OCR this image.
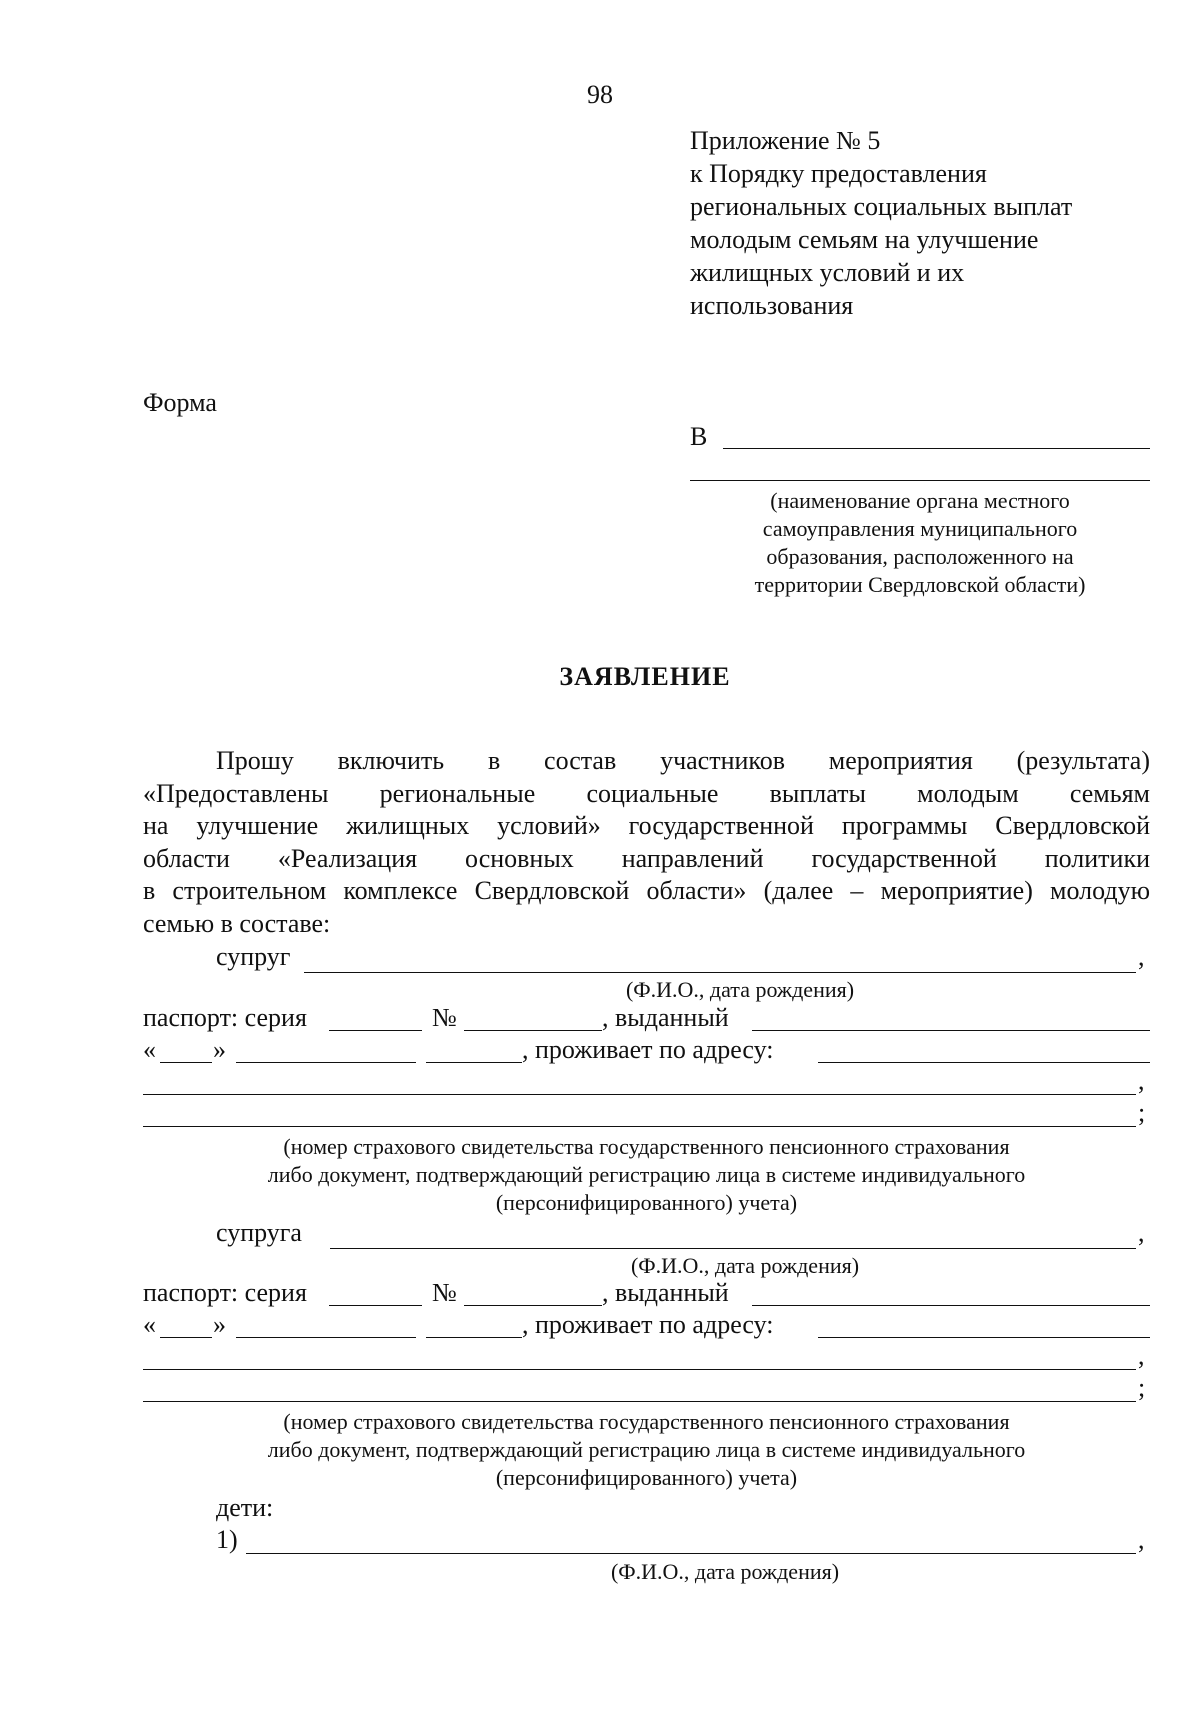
98
Приложение № 5
к Порядку предоставления
региональных социальных выплат
молодым семьям на улучшение
жилищных условий и их
использования
Форма
В
(наименование органа местного
самоуправления муниципального
образования, расположенного на
территории Свердловской области)
ЗАЯВЛЕНИЕ
Прошу включить в состав участников мероприятия (результата)
«Предоставлены региональные социальные выплаты молодым семьям
на улучшение жилищных условий» государственной программы Свердловской
области «Реализация основных направлений государственной политики
в строительном комплексе Свердловской области» (далее – мероприятие) молодую
семью в составе:
супруг	,
(Ф.И.О., дата рождения)
паспорт: серия	№	, выданный
« »	, проживает по адресу:
,
;
(номер страхового свидетельства государственного пенсионного страхования
либо документ, подтверждающий регистрацию лица в системе индивидуального
(персонифицированного) учета)
супруга	,
(Ф.И.О., дата рождения)
паспорт: серия	№	, выданный
« »	, проживает по адресу:
,
;
(номер страхового свидетельства государственного пенсионного страхования
либо документ, подтверждающий регистрацию лица в системе индивидуального
(персонифицированного) учета)
дети:
1)	,
(Ф.И.О., дата рождения)
